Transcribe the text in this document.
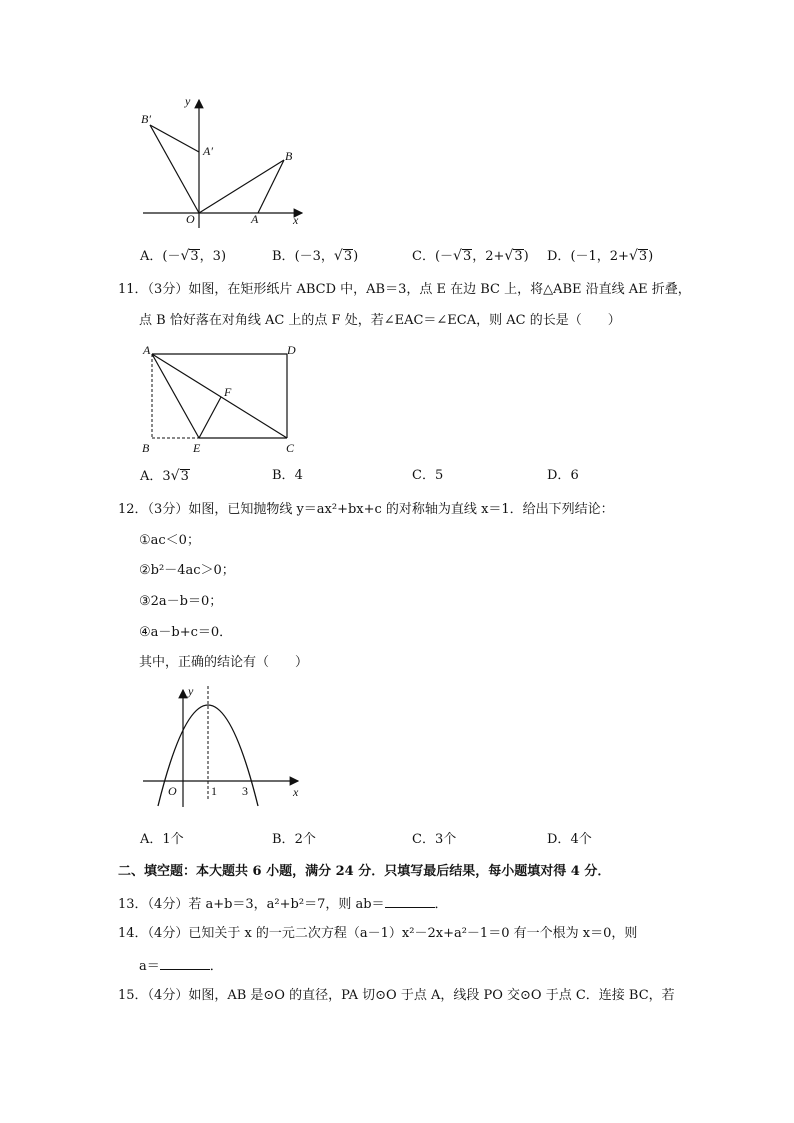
y
B′
A′	B
O	A	x
A．(－√3，3)	B．(－3，√3)	C．(－√3，2+√3) D．(－1，2+√3)
11．（3分）如图，在矩形纸片 ABCD 中，AB＝3，点 E 在边 BC 上，将△ABE 沿直线 AE 折叠，
点 B 恰好落在对角线 AC 上的点 F 处，若∠EAC＝∠ECA，则 AC 的长是（　　）
A	D
F
B	E	C
A．3√3	B．4	C．5	D．6
12．（3分）如图，已知抛物线 y＝ax²+bx+c 的对称轴为直线 x＝1．给出下列结论：
①ac＜0；
②b²－4ac＞0；
③2a－b＝0；
④a－b+c＝0．
其中，正确的结论有（　　）
y
O	1 3	x
A．1个	B．2个	C．3个	D．4个
二、填空题：本大题共 6 小题，满分 24 分．只填写最后结果，每小题填对得 4 分．
13．（4分）若 a+b＝3，a²+b²＝7，则 ab＝	．
14．（4分）已知关于 x 的一元二次方程（a－1）x²－2x+a²－1＝0 有一个根为 x＝0，则
a＝	．
15．（4分）如图，AB 是⊙O 的直径，PA 切⊙O 于点 A，线段 PO 交⊙O 于点 C．连接 BC，若
